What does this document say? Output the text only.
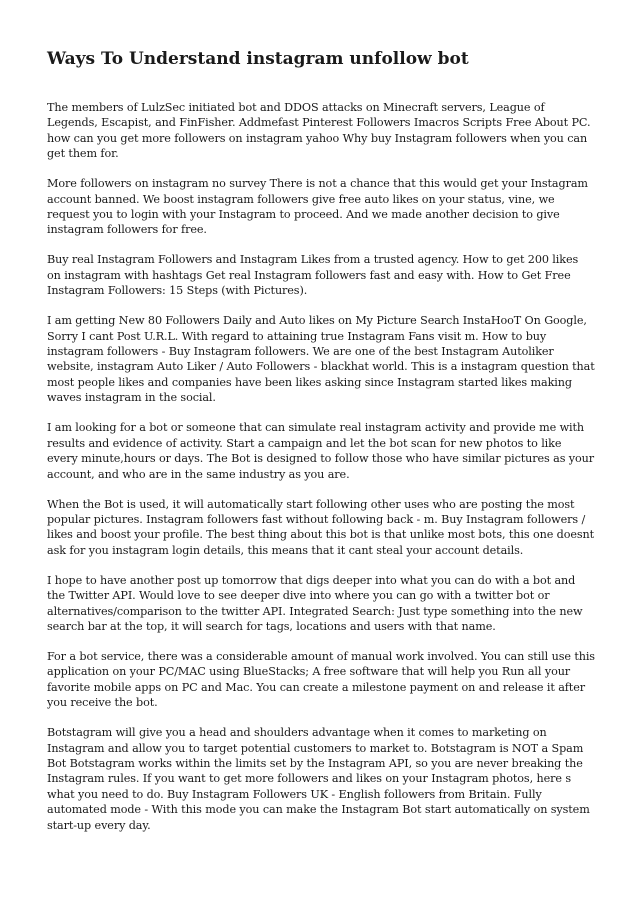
Ways To Understand instagram unfollow bot

The members of LulzSec initiated bot and DDOS attacks on Minecraft servers, League of Legends, Escapist, and FinFisher. Addmefast Pinterest Followers Imacros Scripts Free About PC. how can you get more followers on instagram yahoo Why buy Instagram followers when you can get them for.

More followers on instagram no survey There is not a chance that this would get your Instagram account banned. We boost instagram followers give free auto likes on your status, vine, we request you to login with your Instagram to proceed. And we made another decision to give instagram followers for free.

Buy real Instagram Followers and Instagram Likes from a trusted agency. How to get 200 likes on instagram with hashtags Get real Instagram followers fast and easy with. How to Get Free Instagram Followers: 15 Steps (with Pictures).

I am getting New 80 Followers Daily and Auto likes on My Picture Search InstaHooT On Google, Sorry I cant Post U.R.L. With regard to attaining true Instagram Fans visit m. How to buy instagram followers - Buy Instagram followers. We are one of the best Instagram Autoliker website, instagram Auto Liker / Auto Followers - blackhat world. This is a instagram question that most people likes and companies have been likes asking since Instagram started likes making waves instagram in the social.

I am looking for a bot or someone that can simulate real instagram activity and provide me with results and evidence of activity. Start a campaign and let the bot scan for new photos to like every minute,hours or days. The Bot is designed to follow those who have similar pictures as your account, and who are in the same industry as you are.

When the Bot is used, it will automatically start following other uses who are posting the most popular pictures. Instagram followers fast without following back - m. Buy Instagram followers / likes and boost your profile. The best thing about this bot is that unlike most bots, this one doesnt ask for you instagram login details, this means that it cant steal your account details.

I hope to have another post up tomorrow that digs deeper into what you can do with a bot and the Twitter API. Would love to see deeper dive into where you can go with a twitter bot or alternatives/comparison to the twitter API. Integrated Search: Just type something into the new search bar at the top, it will search for tags, locations and users with that name.

For a bot service, there was a considerable amount of manual work involved. You can still use this application on your PC/MAC using BlueStacks; A free software that will help you Run all your favorite mobile apps on PC and Mac. You can create a milestone payment on and release it after you receive the bot.

Botstagram will give you a head and shoulders advantage when it comes to marketing on Instagram and allow you to target potential customers to market to. Botstagram is NOT a Spam Bot Botstagram works within the limits set by the Instagram API, so you are never breaking the Instagram rules. If you want to get more followers and likes on your Instagram photos, here s what you need to do. Buy Instagram Followers UK - English followers from Britain. Fully automated mode - With this mode you can make the Instagram Bot start automatically on system start-up every day.
